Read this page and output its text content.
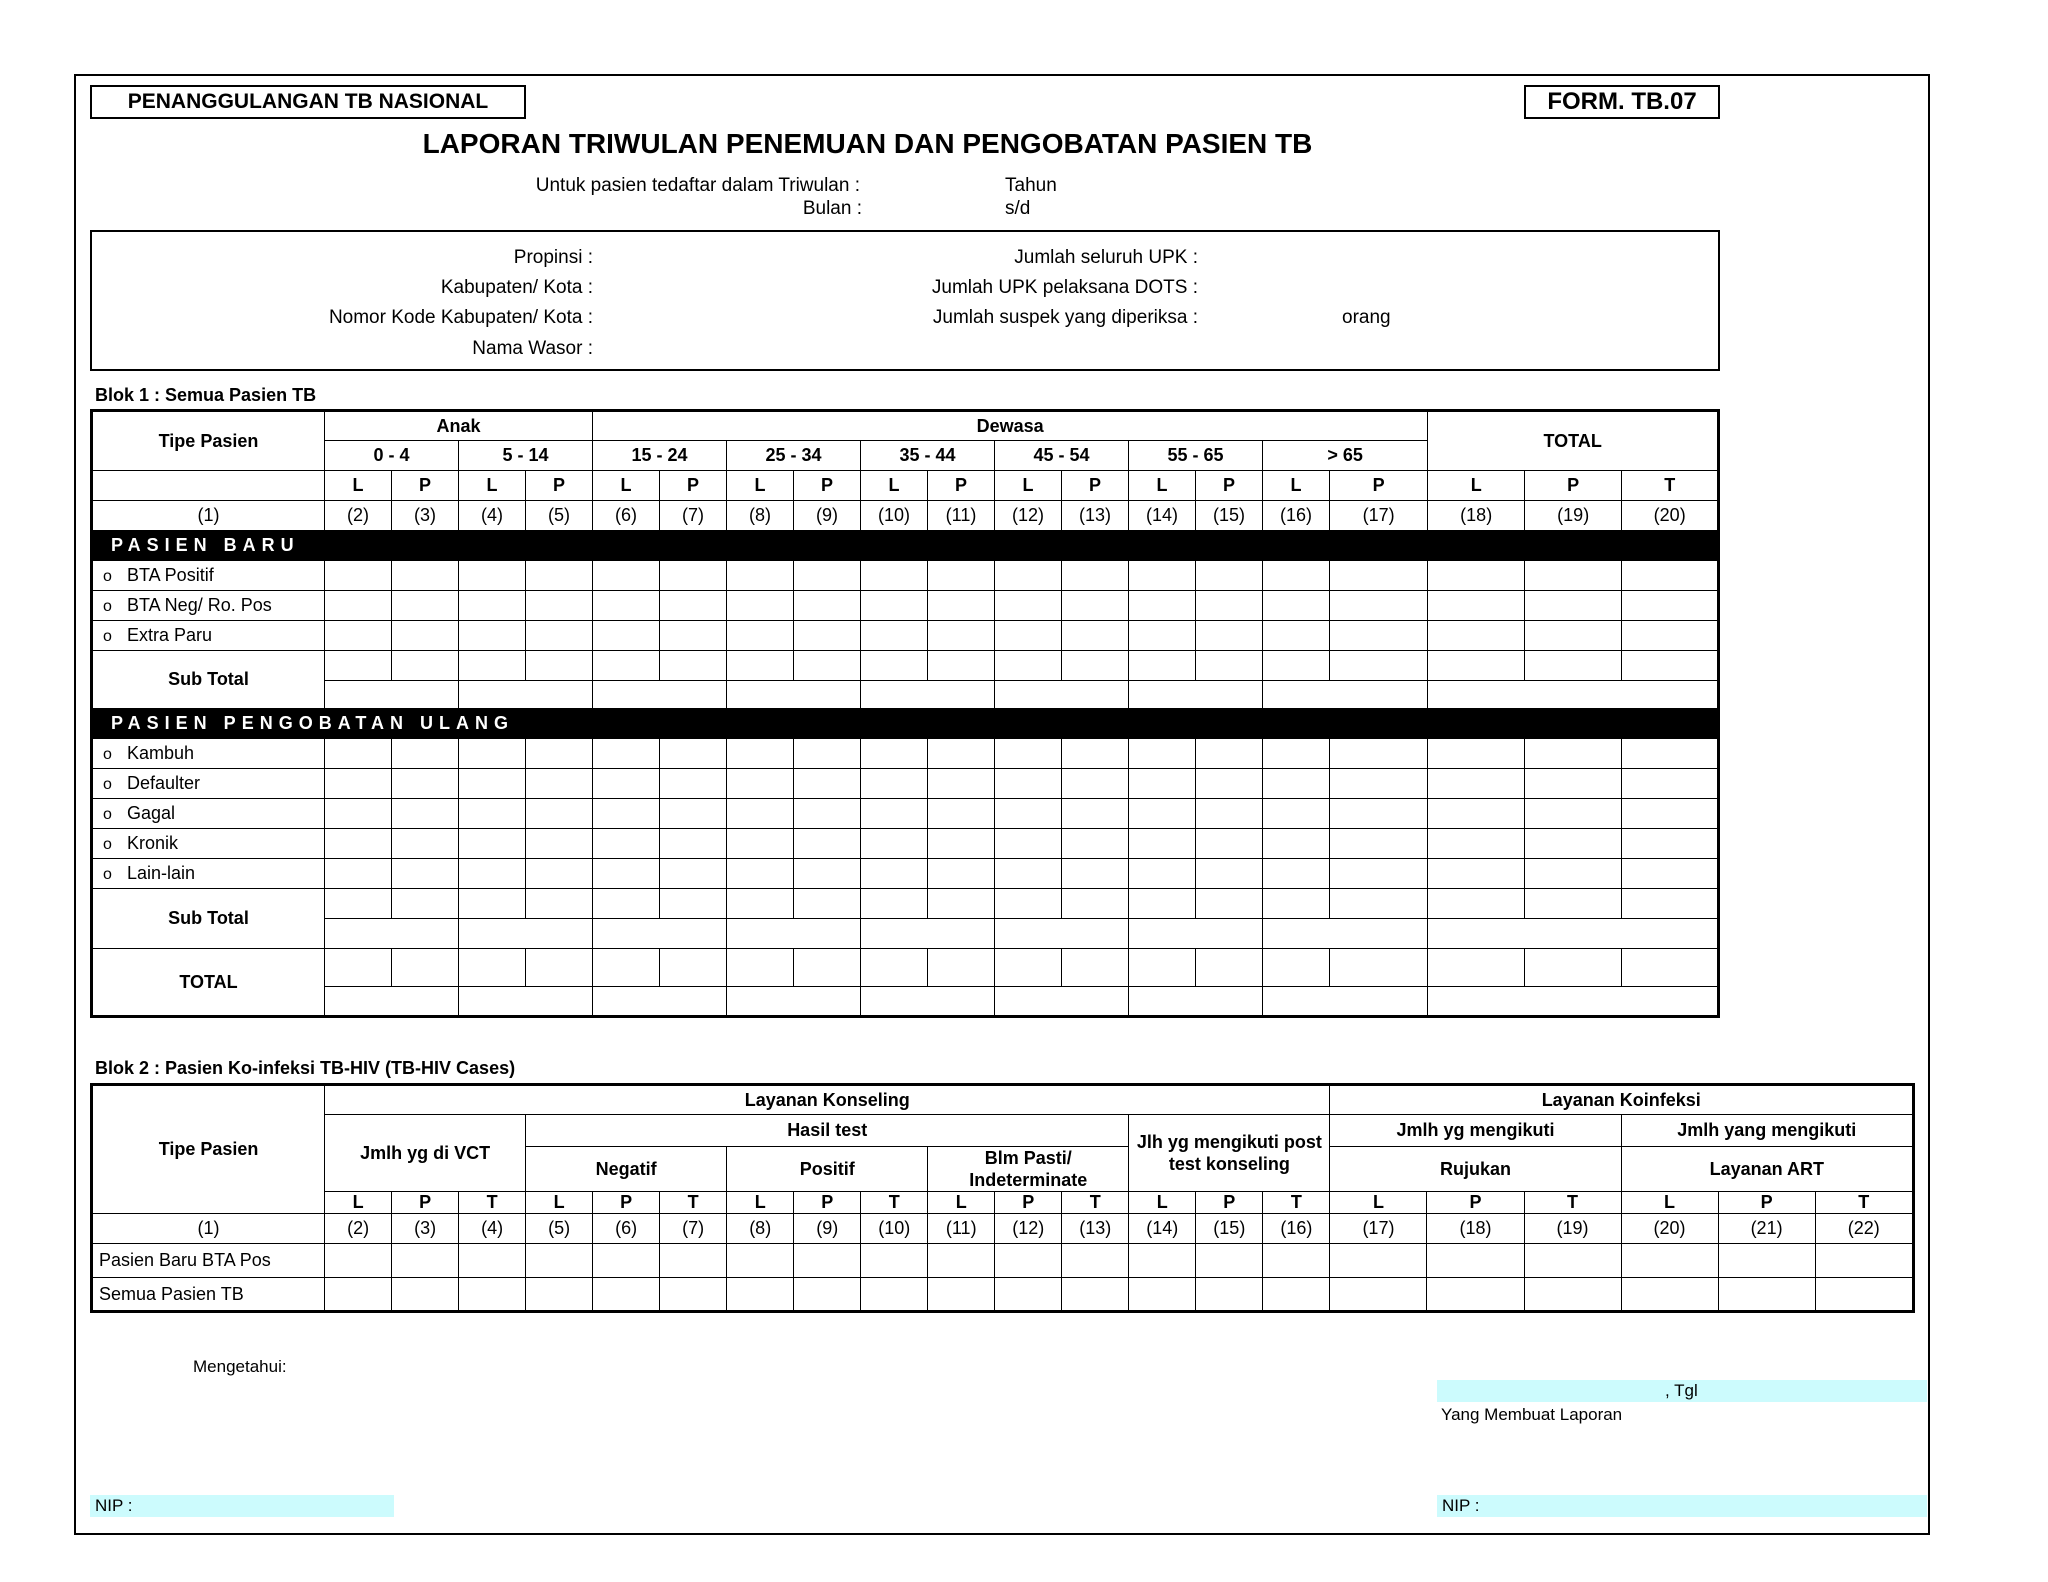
PENANGGULANGAN TB NASIONAL	FORM. TB.07
LAPORAN TRIWULAN PENEMUAN DAN PENGOBATAN PASIEN TB
Untuk pasien tedaftar dalam Triwulan :
Bulan :
Tahun
s/d
Propinsi :
Kabupaten/ Kota :
Nomor Kode Kabupaten/ Kota :
Nama Wasor :
Jumlah seluruh UPK :
Jumlah UPK pelaksana DOTS :
Jumlah suspek yang diperiksa :	orang
Blok 1 : Semua Pasien TB
Tipe Pasien	Anak				Dewasa												TOTAL		
	0 - 4		5 - 14		15 - 24		25 - 34		35 - 44		45 - 54		55 - 65		> 65				
	L	P	L	P	L	P	L	P	L	P	L	P	L	P	L	P	L	P	T
(1)	(2)	(3)	(4)	(5)	(6)	(7)	(8)	(9)	(10)	(11)	(12)	(13)	(14)	(15)	(16)	(17)	(18)	(19)	(20)
PASIEN BARU																			
o BTA Positif																			
o BTA Neg/ Ro. Pos																			
o Extra Paru																			
Sub Total																			

PASIEN PENGOBATAN ULANG																			
o Kambuh																			
o Defaulter																			
o Gagal																			
o Kronik																			
o Lain-lain																			
Sub Total																			

TOTAL																			

Blok 2 : Pasien Ko-infeksi TB-HIV (TB-HIV Cases)
Tipe Pasien	Layanan Konseling															Layanan Koinfeksi					
	Jmlh yg di VCT			Hasil test									Jlh yg mengikuti post test konseling			Jmlh yg mengikuti			Jmlh yang mengikuti		
				Negatif			Positif			Blm Pasti/ Indeterminate						Rujukan			Layanan ART		
	L	P	T	L	P	T	L	P	T	L	P	T	L	P	T	L	P	T	L	P	T
(1)	(2)	(3)	(4)	(5)	(6)	(7)	(8)	(9)	(10)	(11)	(12)	(13)	(14)	(15)	(16)	(17)	(18)	(19)	(20)	(21)	(22)
Pasien Baru BTA Pos																					
Semua Pasien TB																					
Mengetahui:
, Tgl
Yang Membuat Laporan
NIP :	NIP :
